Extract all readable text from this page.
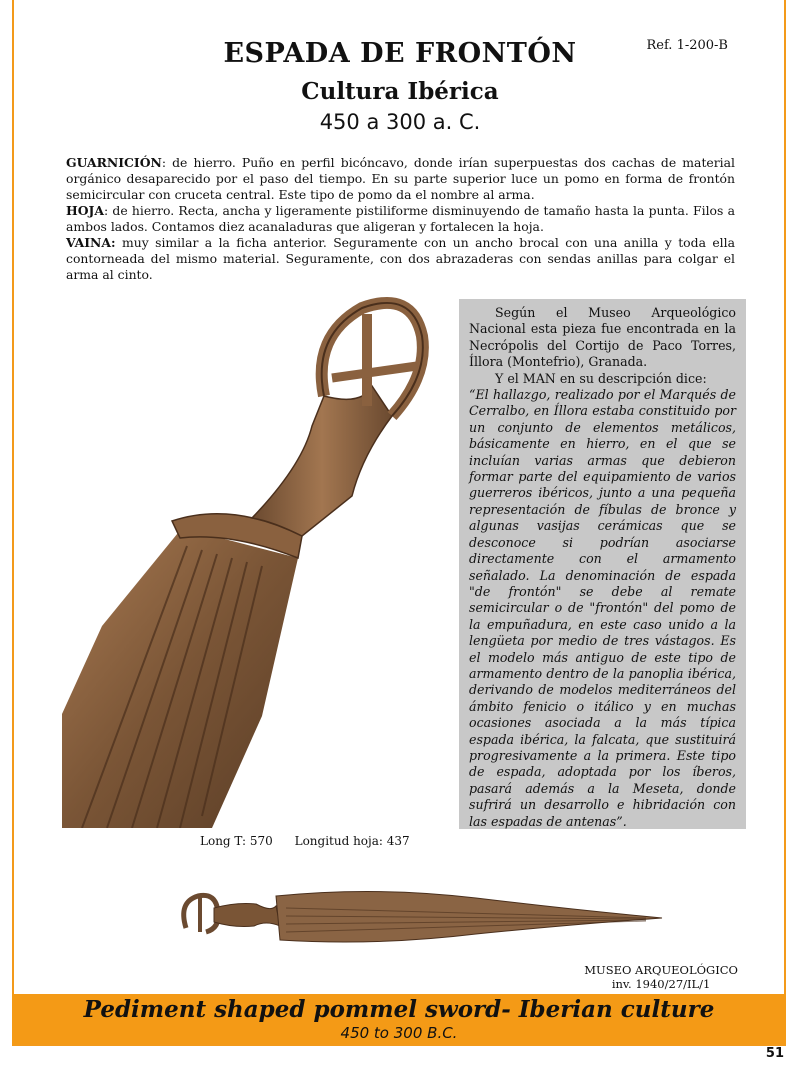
Ref. 1-200-B
ESPADA DE FRONTÓN
Cultura Ibérica
450 a 300 a. C.

GUARNICIÓN: de hierro. Puño en perfil bicóncavo, donde irían superpuestas dos cachas de material orgánico desaparecido por el paso del tiempo. En su parte superior luce un pomo en forma de frontón semicircular con cruceta central. Este tipo de pomo da el nombre al arma.

HOJA: de hierro. Recta, ancha y ligeramente pistiliforme disminuyendo de tamaño hasta la punta. Filos a ambos lados. Contamos diez acanaladuras que aligeran y fortalecen la hoja.

VAINA: muy similar a la ficha anterior. Seguramente con un ancho brocal con una anilla y toda ella contorneada del mismo material. Seguramente, con dos abrazaderas con sendas anillas para colgar el arma al cinto.

Según el Museo Arqueológico Nacional esta pieza fue encontrada en la Necrópolis del Cortijo de Paco Torres, Íllora (Montefrio), Granada.

Y el MAN en su descripción dice:

“El hallazgo, realizado por el Marqués de Cerralbo, en Íllora estaba constituido por un conjunto de elementos metálicos, básicamente en hierro, en el que se incluían varias armas que debieron formar parte del equipamiento de varios guerreros ibéricos, junto a una pequeña representación de fíbulas de bronce y algunas vasijas cerámicas que se desconoce si podrían asociarse directamente con el armamento señalado. La denominación de espada "de frontón" se debe al remate semicircular o de "frontón" del pomo de la empuñadura, en este caso unido a la lengüeta por medio de tres vástagos. Es el modelo más antiguo de este tipo de armamento dentro de la panoplia ibérica, derivando de modelos mediterráneos del ámbito fenicio o itálico y en muchas ocasiones asociada a la más típica espada ibérica, la falcata, que sustituirá progresivamente a la primera. Este tipo de espada, adoptada por los íberos, pasará además a la Meseta, donde sufrirá un desarrollo e hibridación con las espadas de antenas”.

Long T: 570 Longitud hoja: 437
MUSEO ARQUEOLÓGICO
inv. 1940/27/IL/1
Pediment shaped pommel sword- Iberian culture
450 to 300 B.C.
51
